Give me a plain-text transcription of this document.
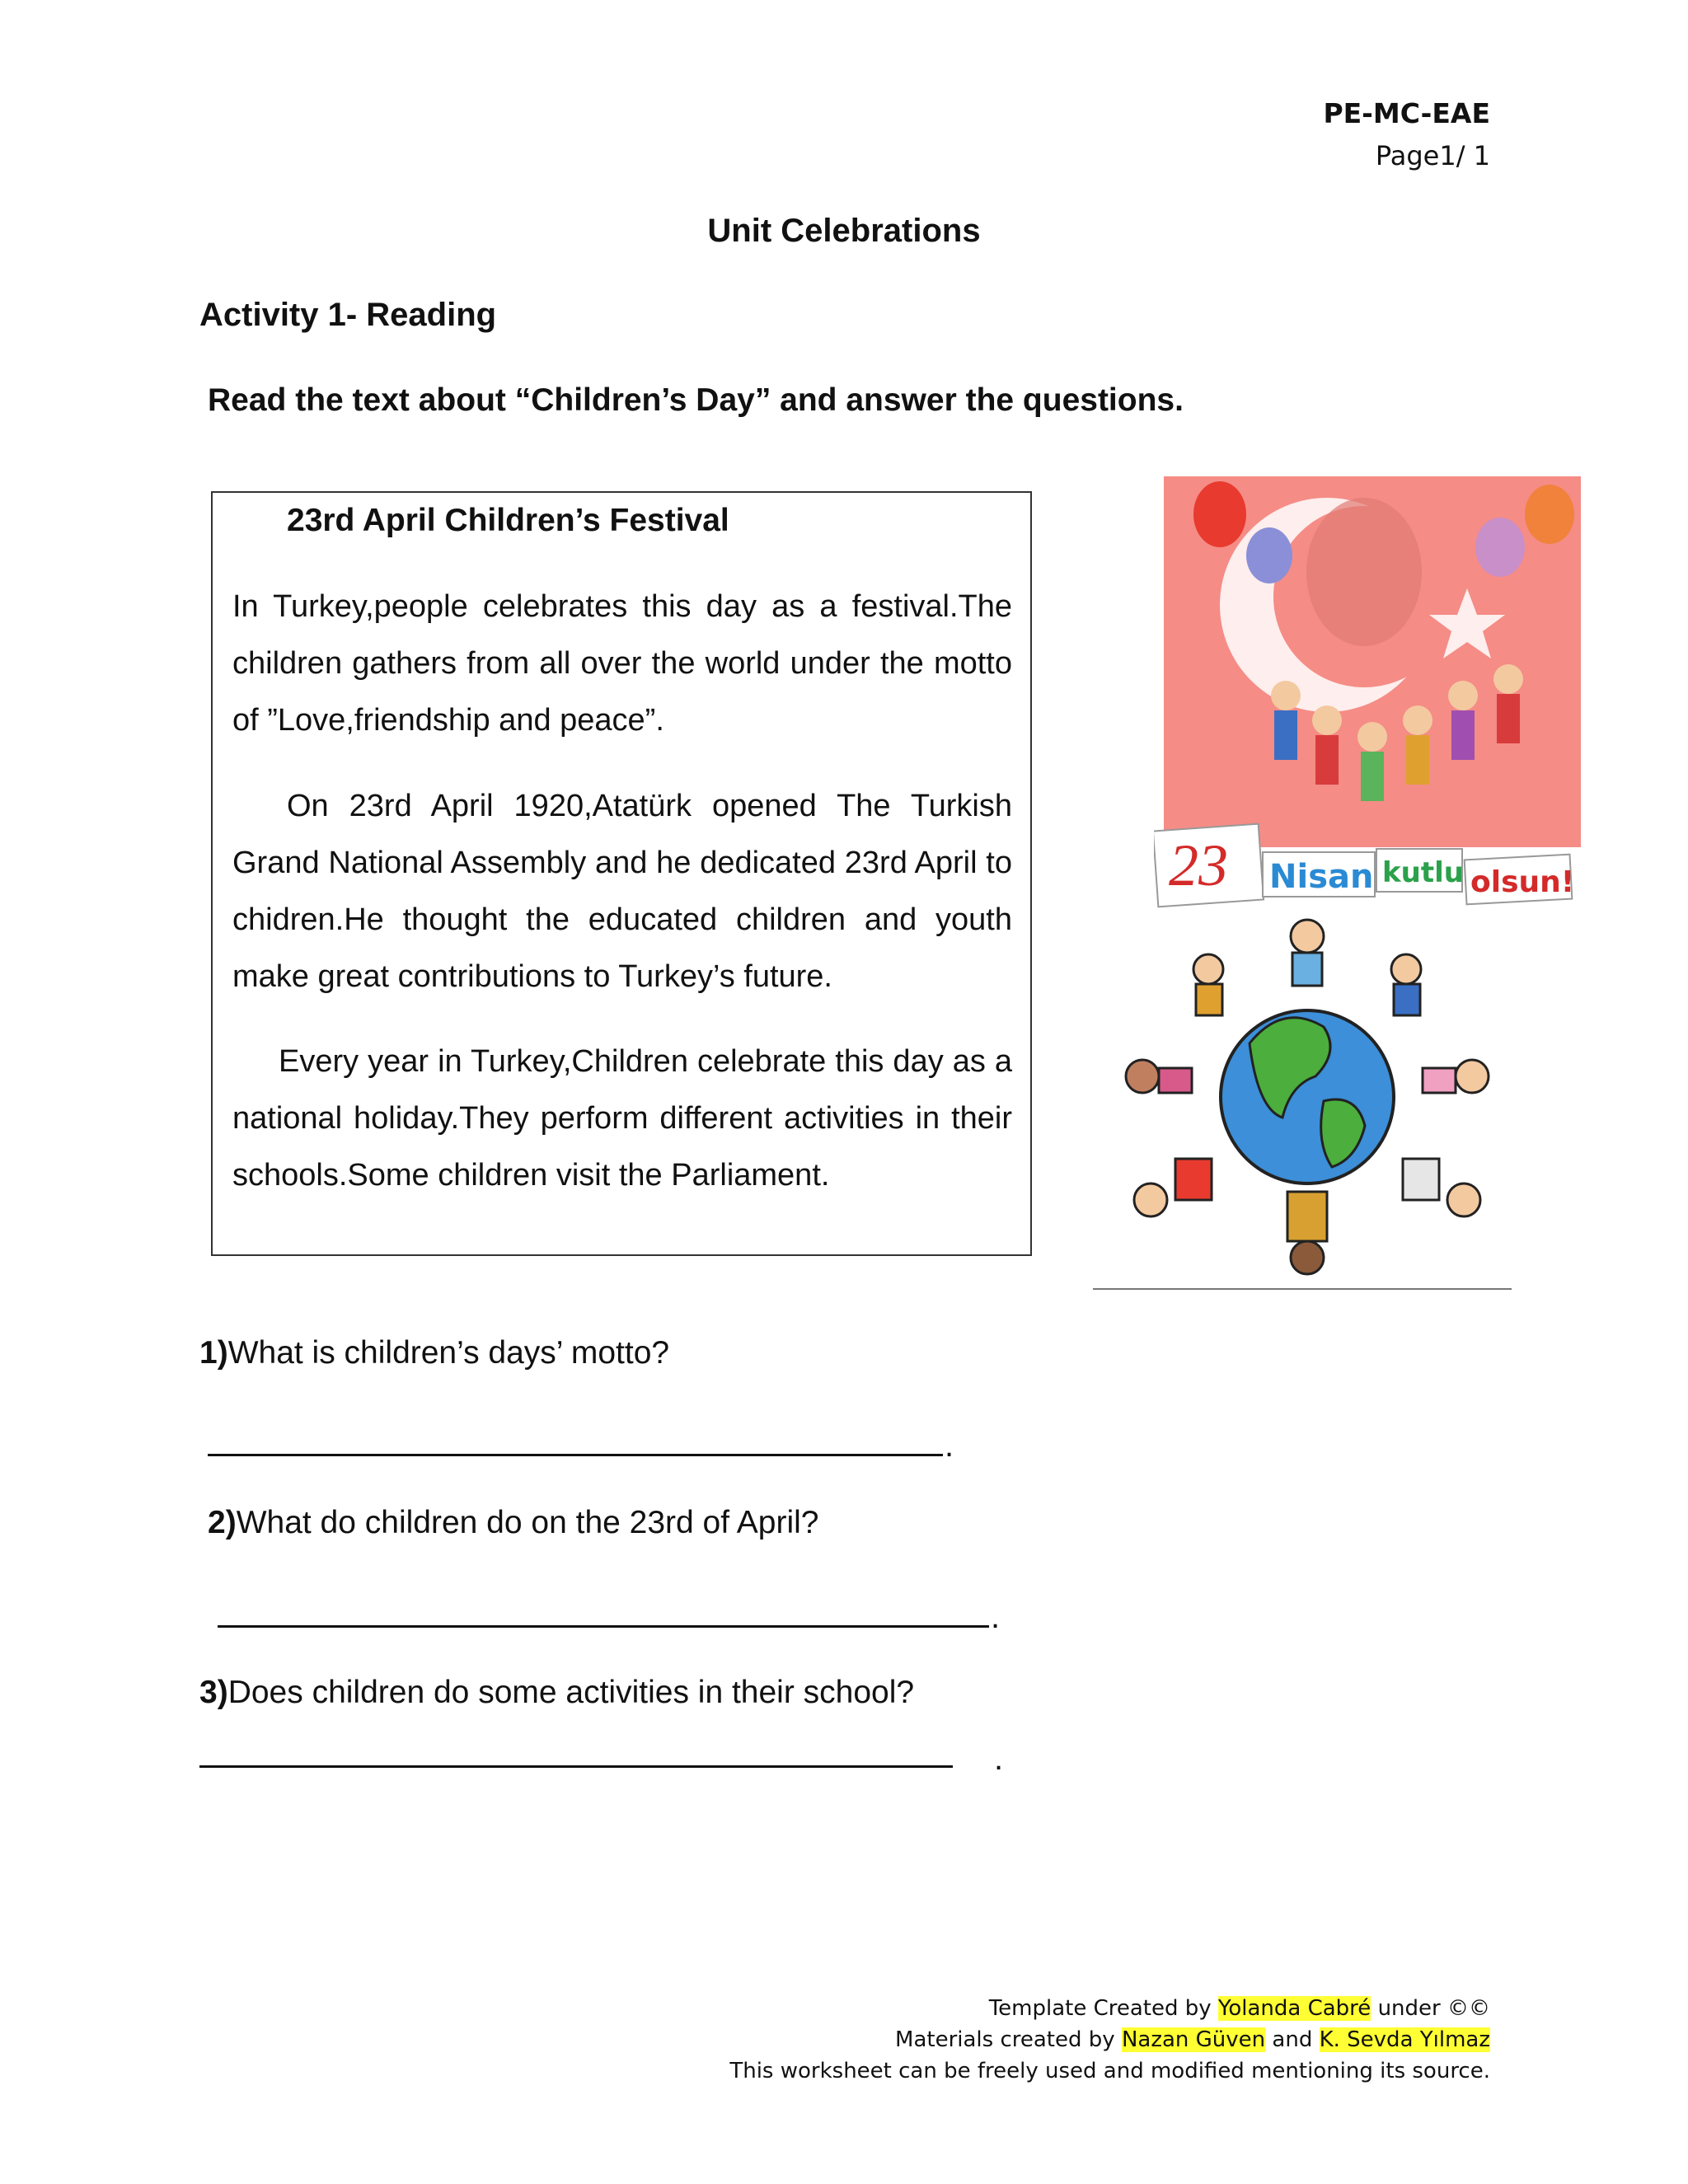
PE-MC-EAE
Page1/ 1
Unit Celebrations
Activity 1- Reading
Read the text about “Children’s Day” and answer the questions.
23rd April Children’s Festival
In Turkey,people celebrates this day as a festival.The children gathers from all over the world under the motto of ”Love,friendship and peace”.
On 23rd April 1920,Atatürk opened The Turkish Grand National Assembly and he dedicated 23rd April to chidren.He thought the educated children and youth make great contributions to Turkey’s future.
Every year in Turkey,Children celebrate this day as a national holiday.They perform different activities in their schools.Some children visit the Parliament.
23 Nisan kutlu olsun!
1)What is children’s days’ motto?
.
2)What do children do on the 23rd of April?
.
3)Does children do some activities in their school?
.
Template Created by Yolanda Cabré under ©©
Materials created by Nazan Güven and K. Sevda Yılmaz
This worksheet can be freely used and modified mentioning its source.
